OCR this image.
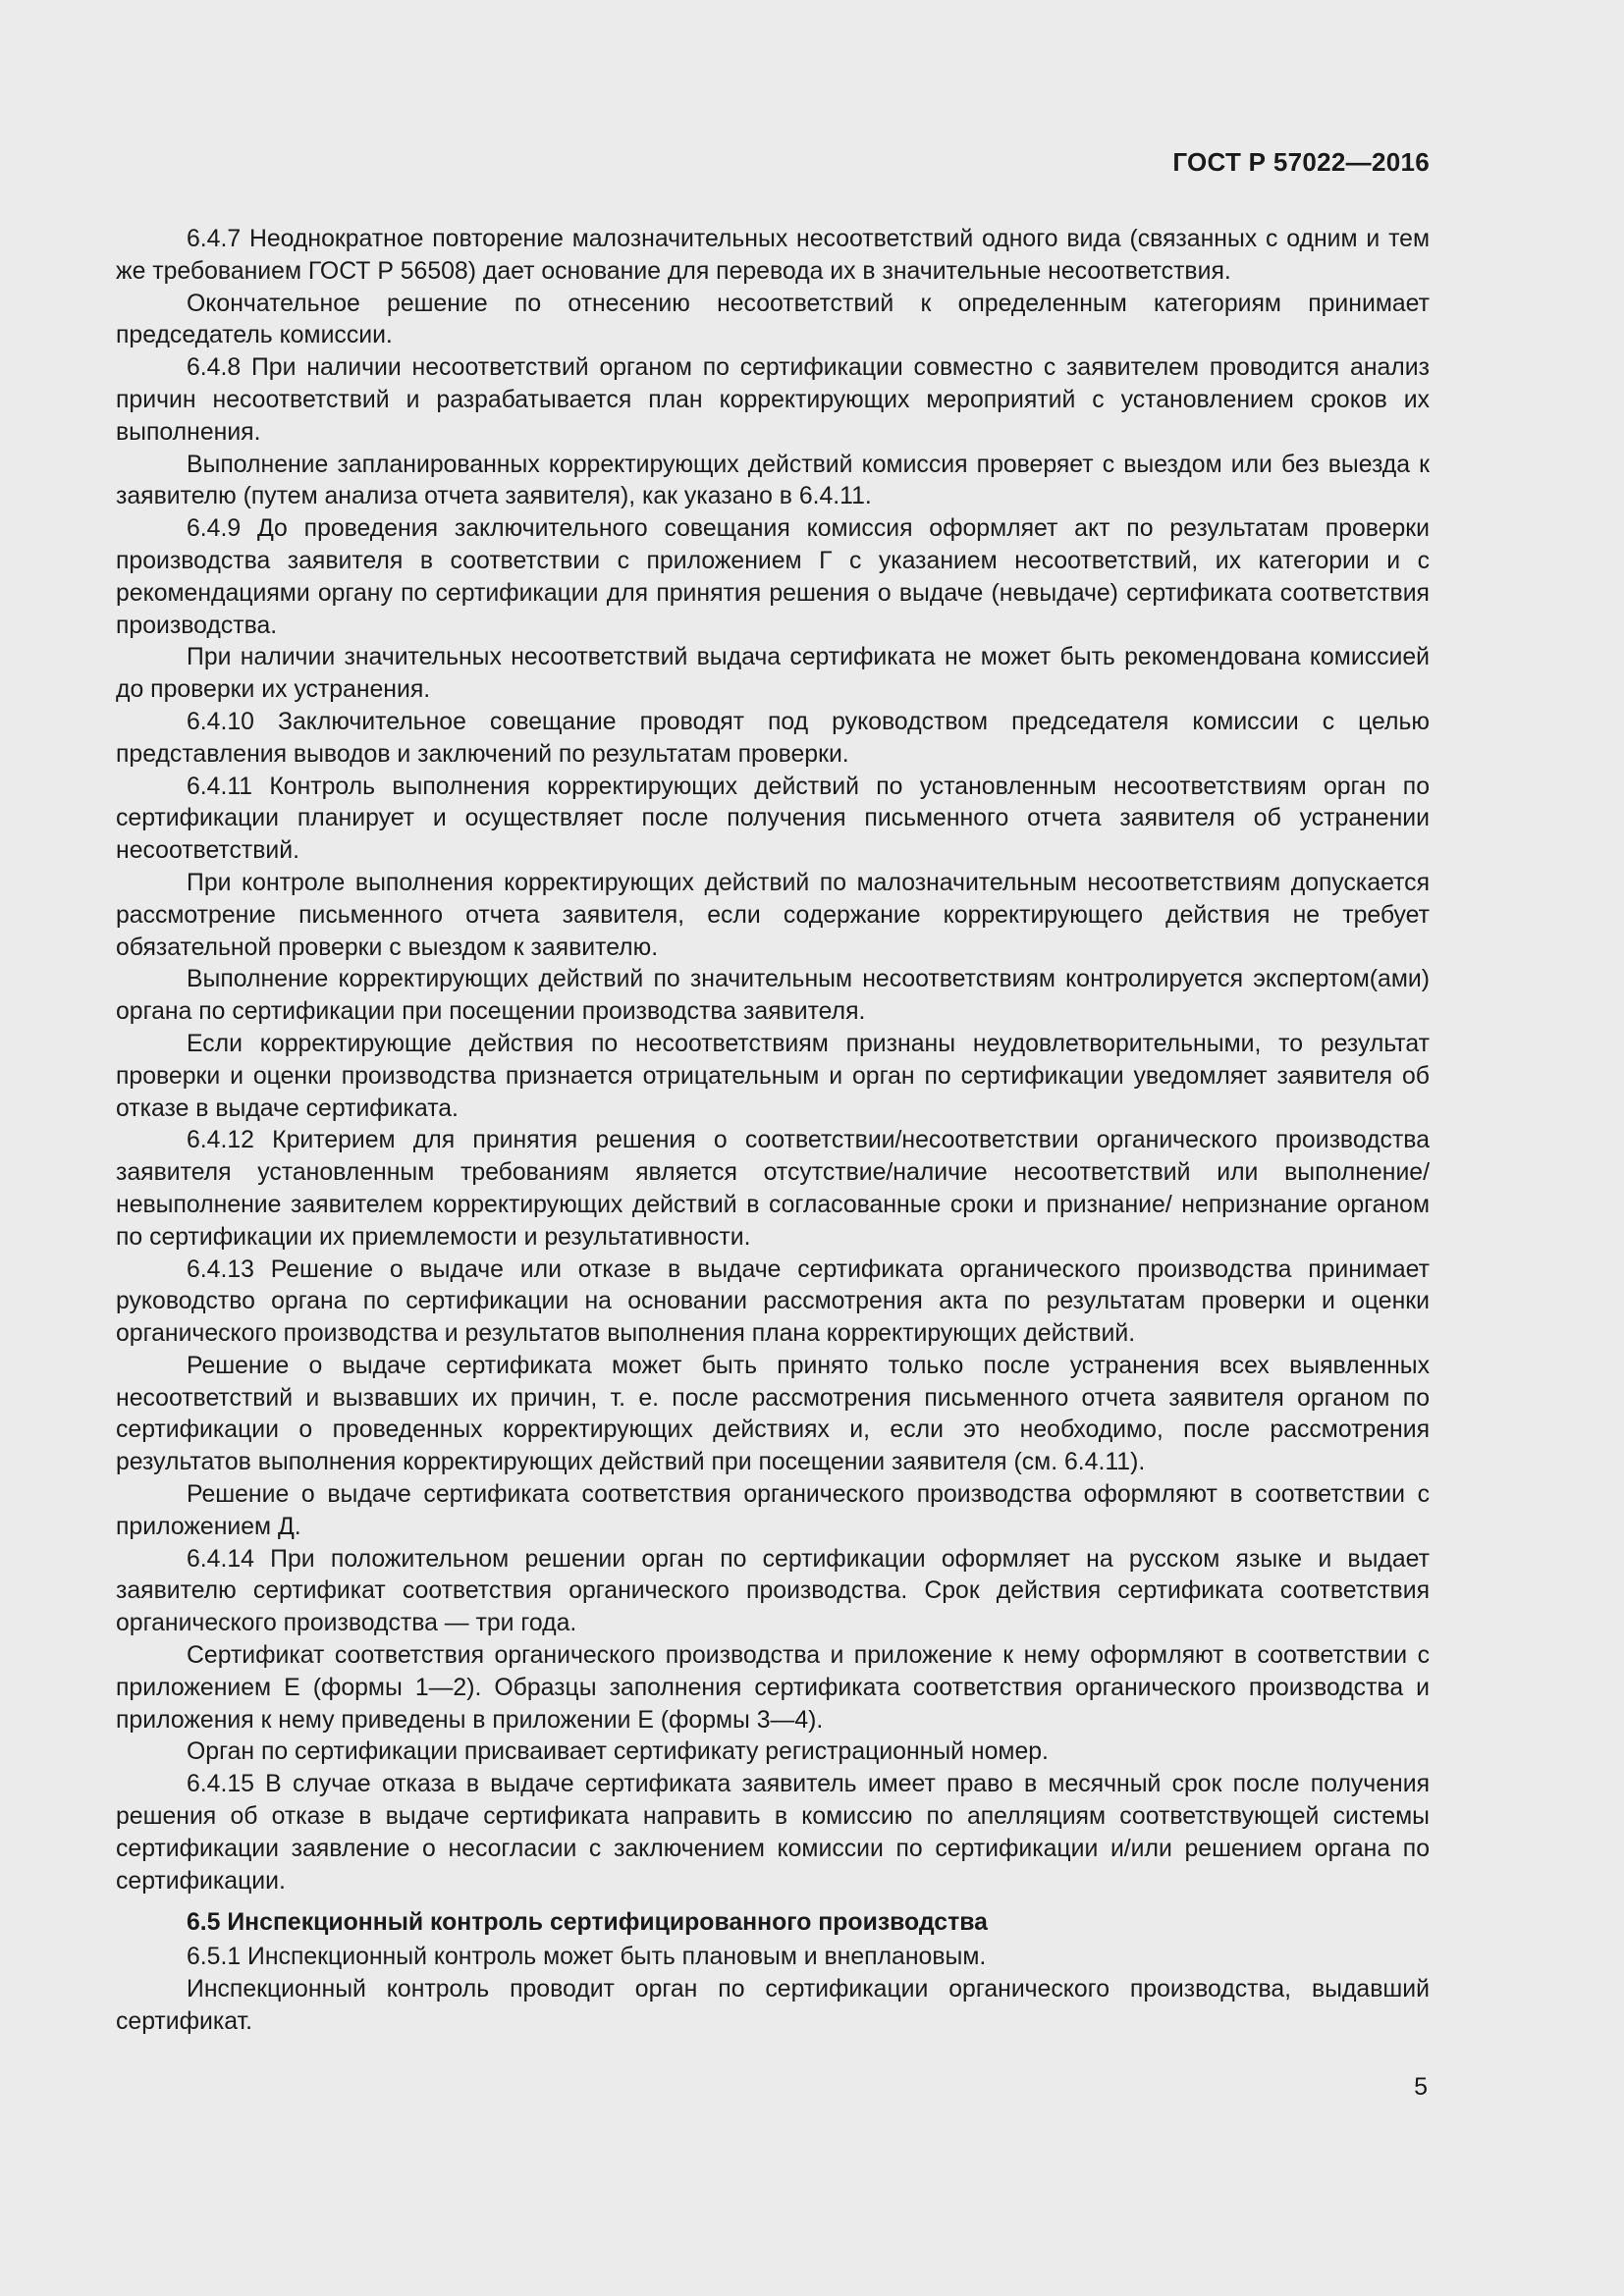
ГОСТ Р 57022—2016

6.4.7 Неоднократное повторение малозначительных несоответствий одного вида (связанных с одним и тем же требованием ГОСТ Р 56508) дает основание для перевода их в значительные несоответствия.

Окончательное решение по отнесению несоответствий к определенным категориям принимает председатель комиссии.

6.4.8 При наличии несоответствий органом по сертификации совместно с заявителем проводится анализ причин несоответствий и разрабатывается план корректирующих мероприятий с установлением сроков их выполнения.

Выполнение запланированных корректирующих действий комиссия проверяет с выездом или без выезда к заявителю (путем анализа отчета заявителя), как указано в 6.4.11.

6.4.9 До проведения заключительного совещания комиссия оформляет акт по результатам проверки производства заявителя в соответствии с приложением Г с указанием несоответствий, их категории и с рекомендациями органу по сертификации для принятия решения о выдаче (невыдаче) сертификата соответствия производства.

При наличии значительных несоответствий выдача сертификата не может быть рекомендована комиссией до проверки их устранения.

6.4.10 Заключительное совещание проводят под руководством председателя комиссии с целью представления выводов и заключений по результатам проверки.

6.4.11 Контроль выполнения корректирующих действий по установленным несоответствиям орган по сертификации планирует и осуществляет после получения письменного отчета заявителя об устранении несоответствий.

При контроле выполнения корректирующих действий по малозначительным несоответствиям допускается рассмотрение письменного отчета заявителя, если содержание корректирующего действия не требует обязательной проверки с выездом к заявителю.

Выполнение корректирующих действий по значительным несоответствиям контролируется экспертом(ами) органа по сертификации при посещении производства заявителя.

Если корректирующие действия по несоответствиям признаны неудовлетворительными, то результат проверки и оценки производства признается отрицательным и орган по сертификации уведомляет заявителя об отказе в выдаче сертификата.

6.4.12 Критерием для принятия решения о соответствии/несоответствии органического производства заявителя установленным требованиям является отсутствие/наличие несоответствий или выполнение/невыполнение заявителем корректирующих действий в согласованные сроки и признание/ непризнание органом по сертификации их приемлемости и результативности.

6.4.13 Решение о выдаче или отказе в выдаче сертификата органического производства принимает руководство органа по сертификации на основании рассмотрения акта по результатам проверки и оценки органического производства и результатов выполнения плана корректирующих действий.

Решение о выдаче сертификата может быть принято только после устранения всех выявленных несоответствий и вызвавших их причин, т. е. после рассмотрения письменного отчета заявителя органом по сертификации о проведенных корректирующих действиях и, если это необходимо, после рассмотрения результатов выполнения корректирующих действий при посещении заявителя (см. 6.4.11).

Решение о выдаче сертификата соответствия органического производства оформляют в соответствии с приложением Д.

6.4.14 При положительном решении орган по сертификации оформляет на русском языке и выдает заявителю сертификат соответствия органического производства. Срок действия сертификата соответствия органического производства — три года.

Сертификат соответствия органического производства и приложение к нему оформляют в соответствии с приложением Е (формы 1—2). Образцы заполнения сертификата соответствия органического производства и приложения к нему приведены в приложении Е (формы 3—4).

Орган по сертификации присваивает сертификату регистрационный номер.

6.4.15 В случае отказа в выдаче сертификата заявитель имеет право в месячный срок после получения решения об отказе в выдаче сертификата направить в комиссию по апелляциям соответствующей системы сертификации заявление о несогласии с заключением комиссии по сертификации и/или решением органа по сертификации.

6.5 Инспекционный контроль сертифицированного производства

6.5.1 Инспекционный контроль может быть плановым и внеплановым.

Инспекционный контроль проводит орган по сертификации органического производства, выдавший сертификат.

5
